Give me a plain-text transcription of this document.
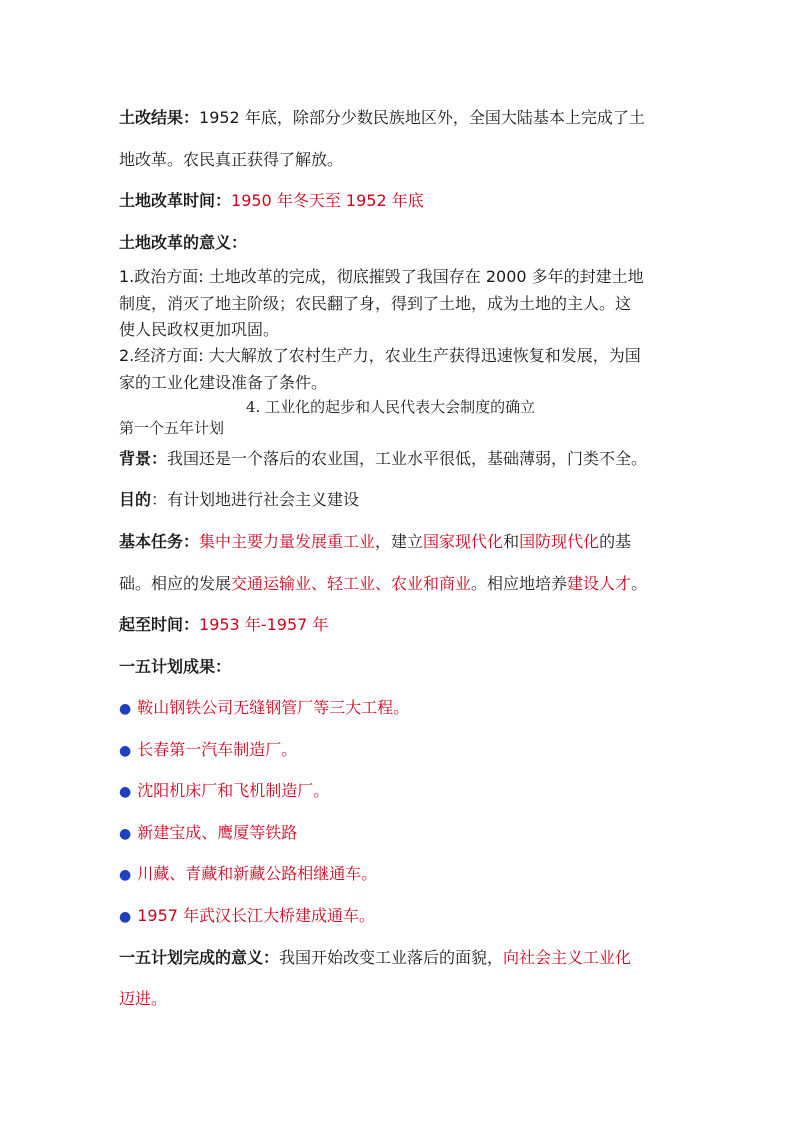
土改结果：1952 年底，除部分少数民族地区外，全国大陆基本上完成了土
地改革。农民真正获得了解放。
土地改革时间：1950 年冬天至 1952 年底
土地改革的意义：
1.政治方面: 土地改革的完成，彻底摧毁了我国存在 2000 多年的封建土地
制度，消灭了地主阶级；农民翻了身，得到了土地，成为土地的主人。这
使人民政权更加巩固。
2.经济方面: 大大解放了农村生产力，农业生产获得迅速恢复和发展，为国
家的工业化建设准备了条件。
4. 工业化的起步和人民代表大会制度的确立
第一个五年计划
背景：我国还是一个落后的农业国，工业水平很低，基础薄弱，门类不全。
目的：有计划地进行社会主义建设
基本任务：集中主要力量发展重工业，建立国家现代化和国防现代化的基
础。相应的发展交通运输业、轻工业、农业和商业。相应地培养建设人才。
起至时间：1953 年-1957 年
一五计划成果：
● 鞍山钢铁公司无缝钢管厂等三大工程。
● 长春第一汽车制造厂。
● 沈阳机床厂和飞机制造厂。
● 新建宝成、鹰厦等铁路
● 川藏、青藏和新藏公路相继通车。
● 1957 年武汉长江大桥建成通车。
一五计划完成的意义：我国开始改变工业落后的面貌，向社会主义工业化
迈进。
